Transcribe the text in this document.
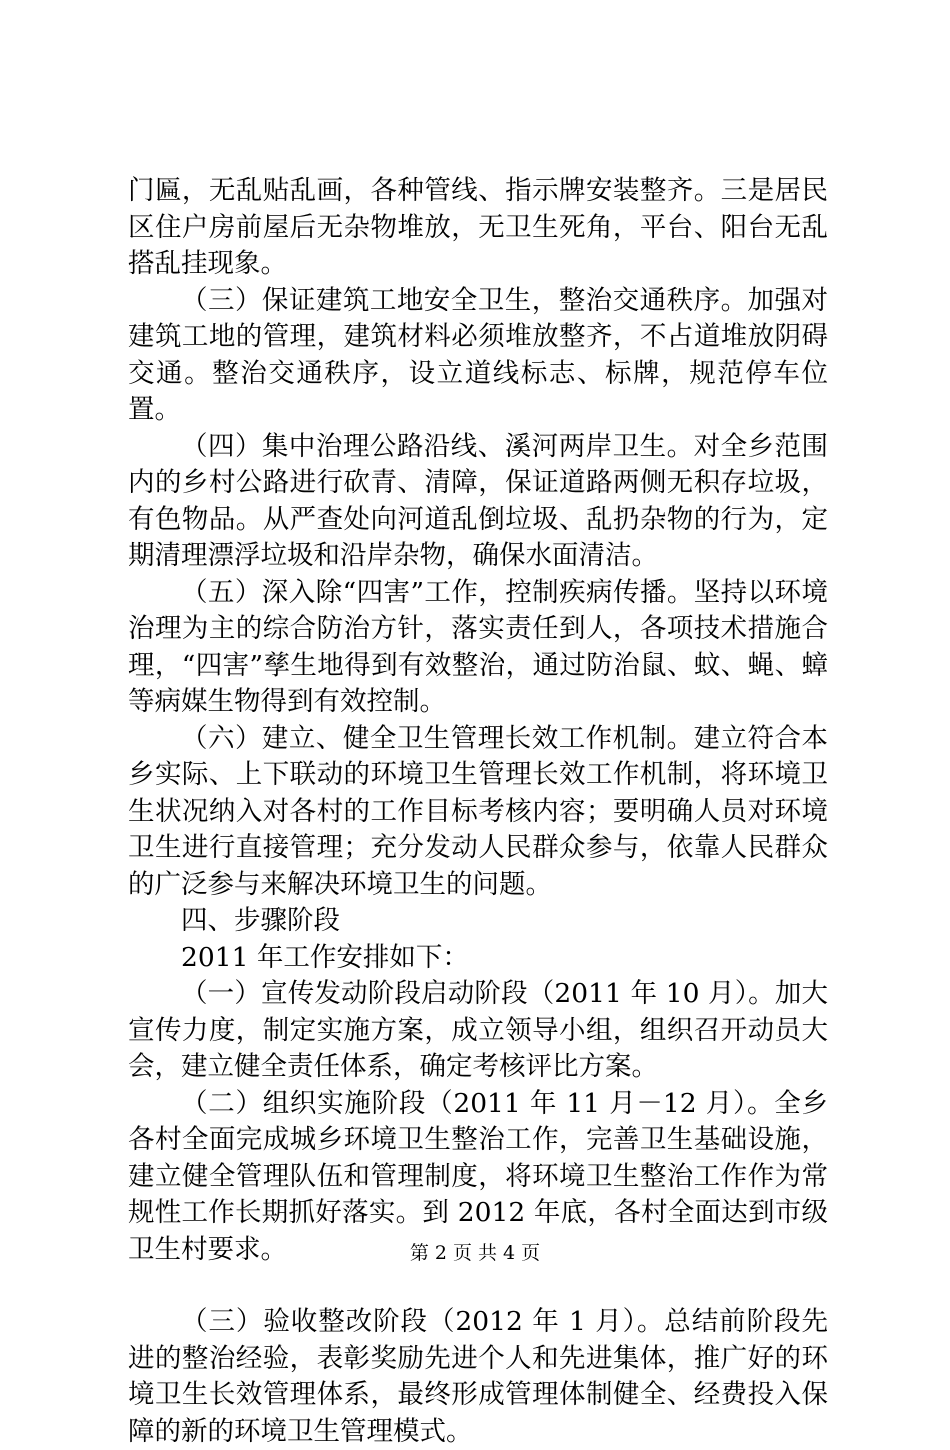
门匾，无乱贴乱画，各种管线、指示牌安装整齐。三是居民区住户房前屋后无杂物堆放，无卫生死角，平台、阳台无乱搭乱挂现象。

（三）保证建筑工地安全卫生，整治交通秩序。加强对建筑工地的管理，建筑材料必须堆放整齐，不占道堆放阴碍交通。整治交通秩序，设立道线标志、标牌，规范停车位置。

（四）集中治理公路沿线、溪河两岸卫生。对全乡范围内的乡村公路进行砍青、清障，保证道路两侧无积存垃圾，有色物品。从严查处向河道乱倒垃圾、乱扔杂物的行为，定期清理漂浮垃圾和沿岸杂物，确保水面清洁。

（五）深入除“四害”工作，控制疾病传播。坚持以环境治理为主的综合防治方针，落实责任到人，各项技术措施合理，“四害”孳生地得到有效整治，通过防治鼠、蚊、蝇、蟑等病媒生物得到有效控制。

（六）建立、健全卫生管理长效工作机制。建立符合本乡实际、上下联动的环境卫生管理长效工作机制，将环境卫生状况纳入对各村的工作目标考核内容；要明确人员对环境卫生进行直接管理；充分发动人民群众参与，依靠人民群众的广泛参与来解决环境卫生的问题。

四、步骤阶段

2011 年工作安排如下：

（一）宣传发动阶段启动阶段（2011 年 10 月）。加大宣传力度，制定实施方案，成立领导小组，组织召开动员大会，建立健全责任体系，确定考核评比方案。

（二）组织实施阶段（2011 年 11 月－12 月）。全乡各村全面完成城乡环境卫生整治工作，完善卫生基础设施，建立健全管理队伍和管理制度，将环境卫生整治工作作为常规性工作长期抓好落实。到 2012 年底，各村全面达到市级卫生村要求。

（三）验收整改阶段（2012 年 1 月）。总结前阶段先进的整治经验，表彰奖励先进个人和先进集体，推广好的环境卫生长效管理体系，最终形成管理体制健全、经费投入保障的新的环境卫生管理模式。

第 2 页 共 4 页
